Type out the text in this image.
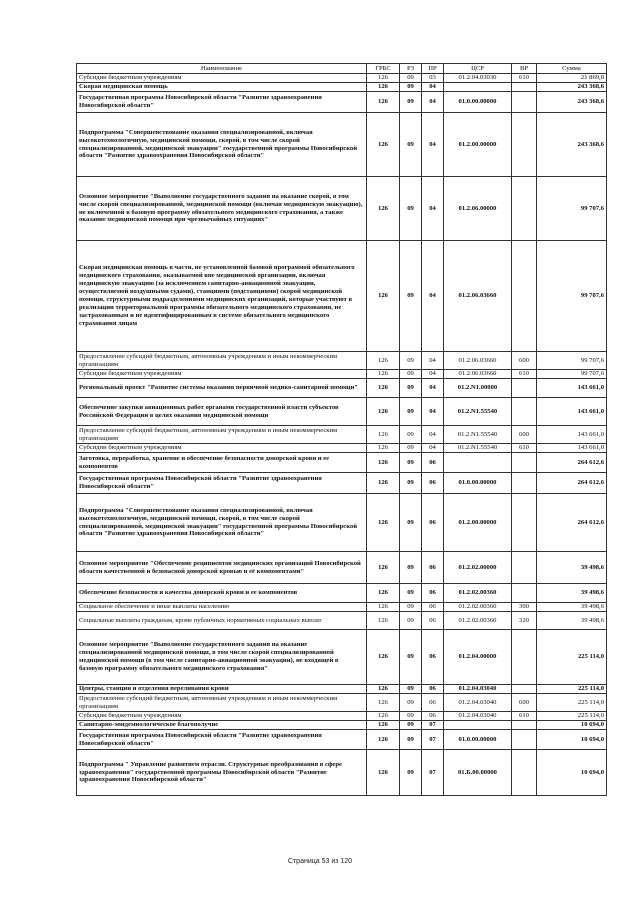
Наименование	ГРБС	РЗ	ПР	ЦСР	ВР	Сумма
Субсидии бюджетным учреждениям	126	09	03	01.2.04.03030	610	21 869,8
Скорая медицинская помощь	126	09	04			243 368,6
Государственная программа Новосибирской области "Развитие здравоохранения Новосибирской области"	126	09	04	01.0.00.00000		243 368,6
Подпрограмма "Совершенствование оказания специализированной, включая высокотехнологичную, медицинской помощи, скорой, в том числе скорой специализированной, медицинской эвакуации" государственной программы Новосибирской области "Развитие здравоохранения Новосибирской области"	126	09	04	01.2.00.00000		243 368,6
Основное мероприятие "Выполнение государственного задания на оказание скорой, в том числе скорой специализированной, медицинской помощи (включая медицинскую эвакуацию), не включенной в базовую программу обязательного медицинского страхования, а также оказание медицинской помощи при чрезвычайных ситуациях"	126	09	04	01.2.06.00000		99 707,6
Скорая медицинская помощь в части, не установленной базовой программой обязательного медицинского страхования, оказываемой вне медицинской организации, включая медицинскую эвакуацию (за исключением санитарно-авиационной эвакуации, осуществляемой воздушными судами), станциями (подстанциями) скорой медицинской помощи, структурными подразделениями медицинских организаций, которые участвуют в реализации территориальной программы обязательного медицинского страхования, не застрахованным и не идентифицированным в системе обязательного медицинского страхования лицам	126	09	04	01.2.06.03660		99 707,6
Предоставление субсидий бюджетным, автономным учреждениям и иным некоммерческим организациям	126	09	04	01.2.06.03660	600	99 707,6
Субсидии бюджетным учреждениям	126	09	04	01.2.06.03660	610	99 707,6
Региональный проект "Развитие системы оказания первичной медико-санитарной помощи"	126	09	04	01.2.N1.00000		143 661,0
Обеспечение закупки авиационных работ органами государственной власти субъектов Российской Федерации в целях оказания медицинской помощи	126	09	04	01.2.N1.55540		143 661,0
Предоставление субсидий бюджетным, автономным учреждениям и иным некоммерческим организациям	126	09	04	01.2.N1.55540	600	143 661,0
Субсидии бюджетным учреждениям	126	09	04	01.2.N1.55540	610	143 661,0
Заготовка, переработка, хранение и обеспечение безопасности донорской крови и ее компонентов	126	09	06			264 612,6
Государственная программа Новосибирской области "Развитие здравоохранения Новосибирской области"	126	09	06	01.0.00.00000		264 612,6
Подпрограмма "Совершенствование оказания специализированной, включая высокотехнологичную, медицинской помощи, скорой, в том числе скорой специализированной, медицинской эвакуации" государственной программы Новосибирской области "Развитие здравоохранения Новосибирской области"	126	09	06	01.2.00.00000		264 612,6
Основное мероприятие "Обеспечение реципиентов медицинских организаций Новосибирской области качественной и безопасной донорской кровью и её компонентами"	126	09	06	01.2.02.00000		39 498,6
Обеспечение безопасности и качества донорской крови и ее компонентов	126	09	06	01.2.02.00360		39 498,6
Социальное обеспечение и иные выплаты населению	126	09	06	01.2.02.00360	300	39 498,6
Социальные выплаты гражданам, кроме публичных нормативных социальных выплат	126	09	06	01.2.02.00360	320	39 498,6
Основное мероприятие "Выполнение государственного задания на оказание специализированной медицинской помощи, в том числе скорой специализированной медицинской помощи (в том числе санитарно-авиационной эвакуации), не входящей в базовую программу обязательного медицинского страхования"	126	09	06	01.2.04.00000		225 114,0
Центры, станции и отделения переливания крови	126	09	06	01.2.04.03040		225 114,0
Предоставление субсидий бюджетным, автономным учреждениям и иным некоммерческим организациям	126	09	06	01.2.04.03040	600	225 114,0
Субсидии бюджетным учреждениям	126	09	06	01.2.04.03040	610	225 114,0
Санитарно-эпидемиологическое благополучие	126	09	07			10 694,0
Государственная программа Новосибирской области "Развитие здравоохранения Новосибирской области"	126	09	07	01.0.00.00000		10 694,0
Подпрограмма " Управление развитием отрасли. Структурные преобразования в сфере здравоохранения" государственной программы Новосибирской области "Развитие здравоохранения Новосибирской области"	126	09	07	01.Б.00.00000		10 694,0
Страница 53 из 120
